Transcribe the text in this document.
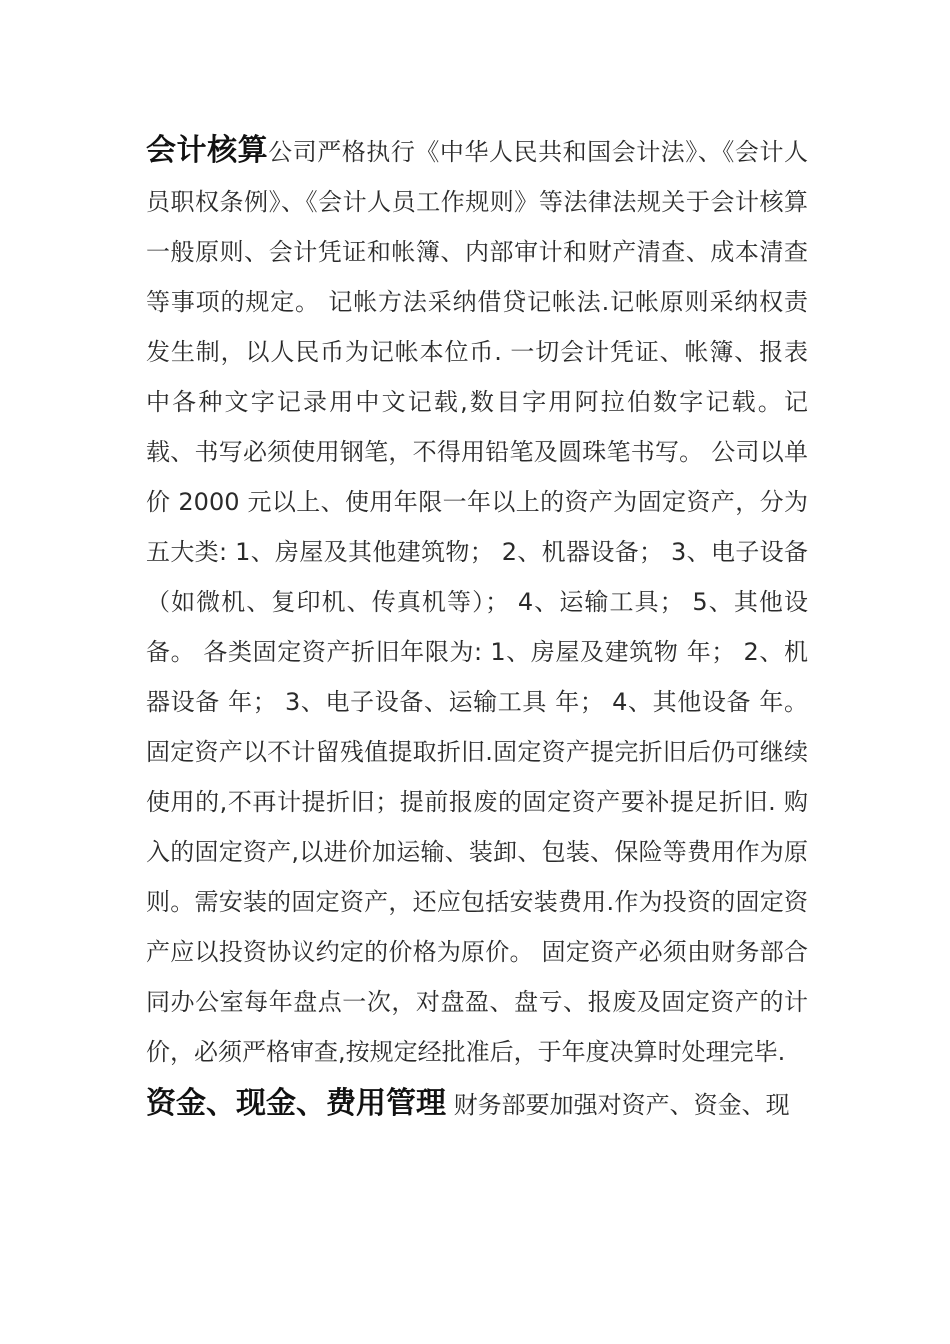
会计核算公司严格执行《中华人民共和国会计法》、《会计人员职权条例》、《会计人员工作规则》等法律法规关于会计核算一般原则、会计凭证和帐簿、内部审计和财产清查、成本清查等事项的规定。 记帐方法采纳借贷记帐法.记帐原则采纳权责发生制，以人民币为记帐本位币. 一切会计凭证、帐簿、报表中各种文字记录用中文记载,数目字用阿拉伯数字记载。记 载、书写必须使用钢笔，不得用铅笔及圆珠笔书写。 公司以单价 2000 元以上、使用年限一年以上的资产为固定资产，分为五大类: 1、房屋及其他建筑物； 2、机器设备； 3、电子设备（如微机、复印机、传真机等）； 4、运输工具； 5、其他设备。 各类固定资产折旧年限为: 1、房屋及建筑物 年； 2、机器设备 年； 3、电子设备、运输工具 年； 4、其他设备 年。 固定资产以不计留残值提取折旧.固定资产提完折旧后仍可继续使用的,不再计提折旧；提前报废的固定资产要补提足折旧. 购入的固定资产,以进价加运输、装卸、包装、保险等费用作为原则。需安装的固定资产，还应包括安装费用.作为投资的固定资产应以投资协议约定的价格为原价。 固定资产必须由财务部合同办公室每年盘点一次，对盘盈、盘亏、报废及固定资产的计价，必须严格审查,按规定经批准后，于年度决算时处理完毕.

资金、现金、费用管理 财务部要加强对资产、资金、现
